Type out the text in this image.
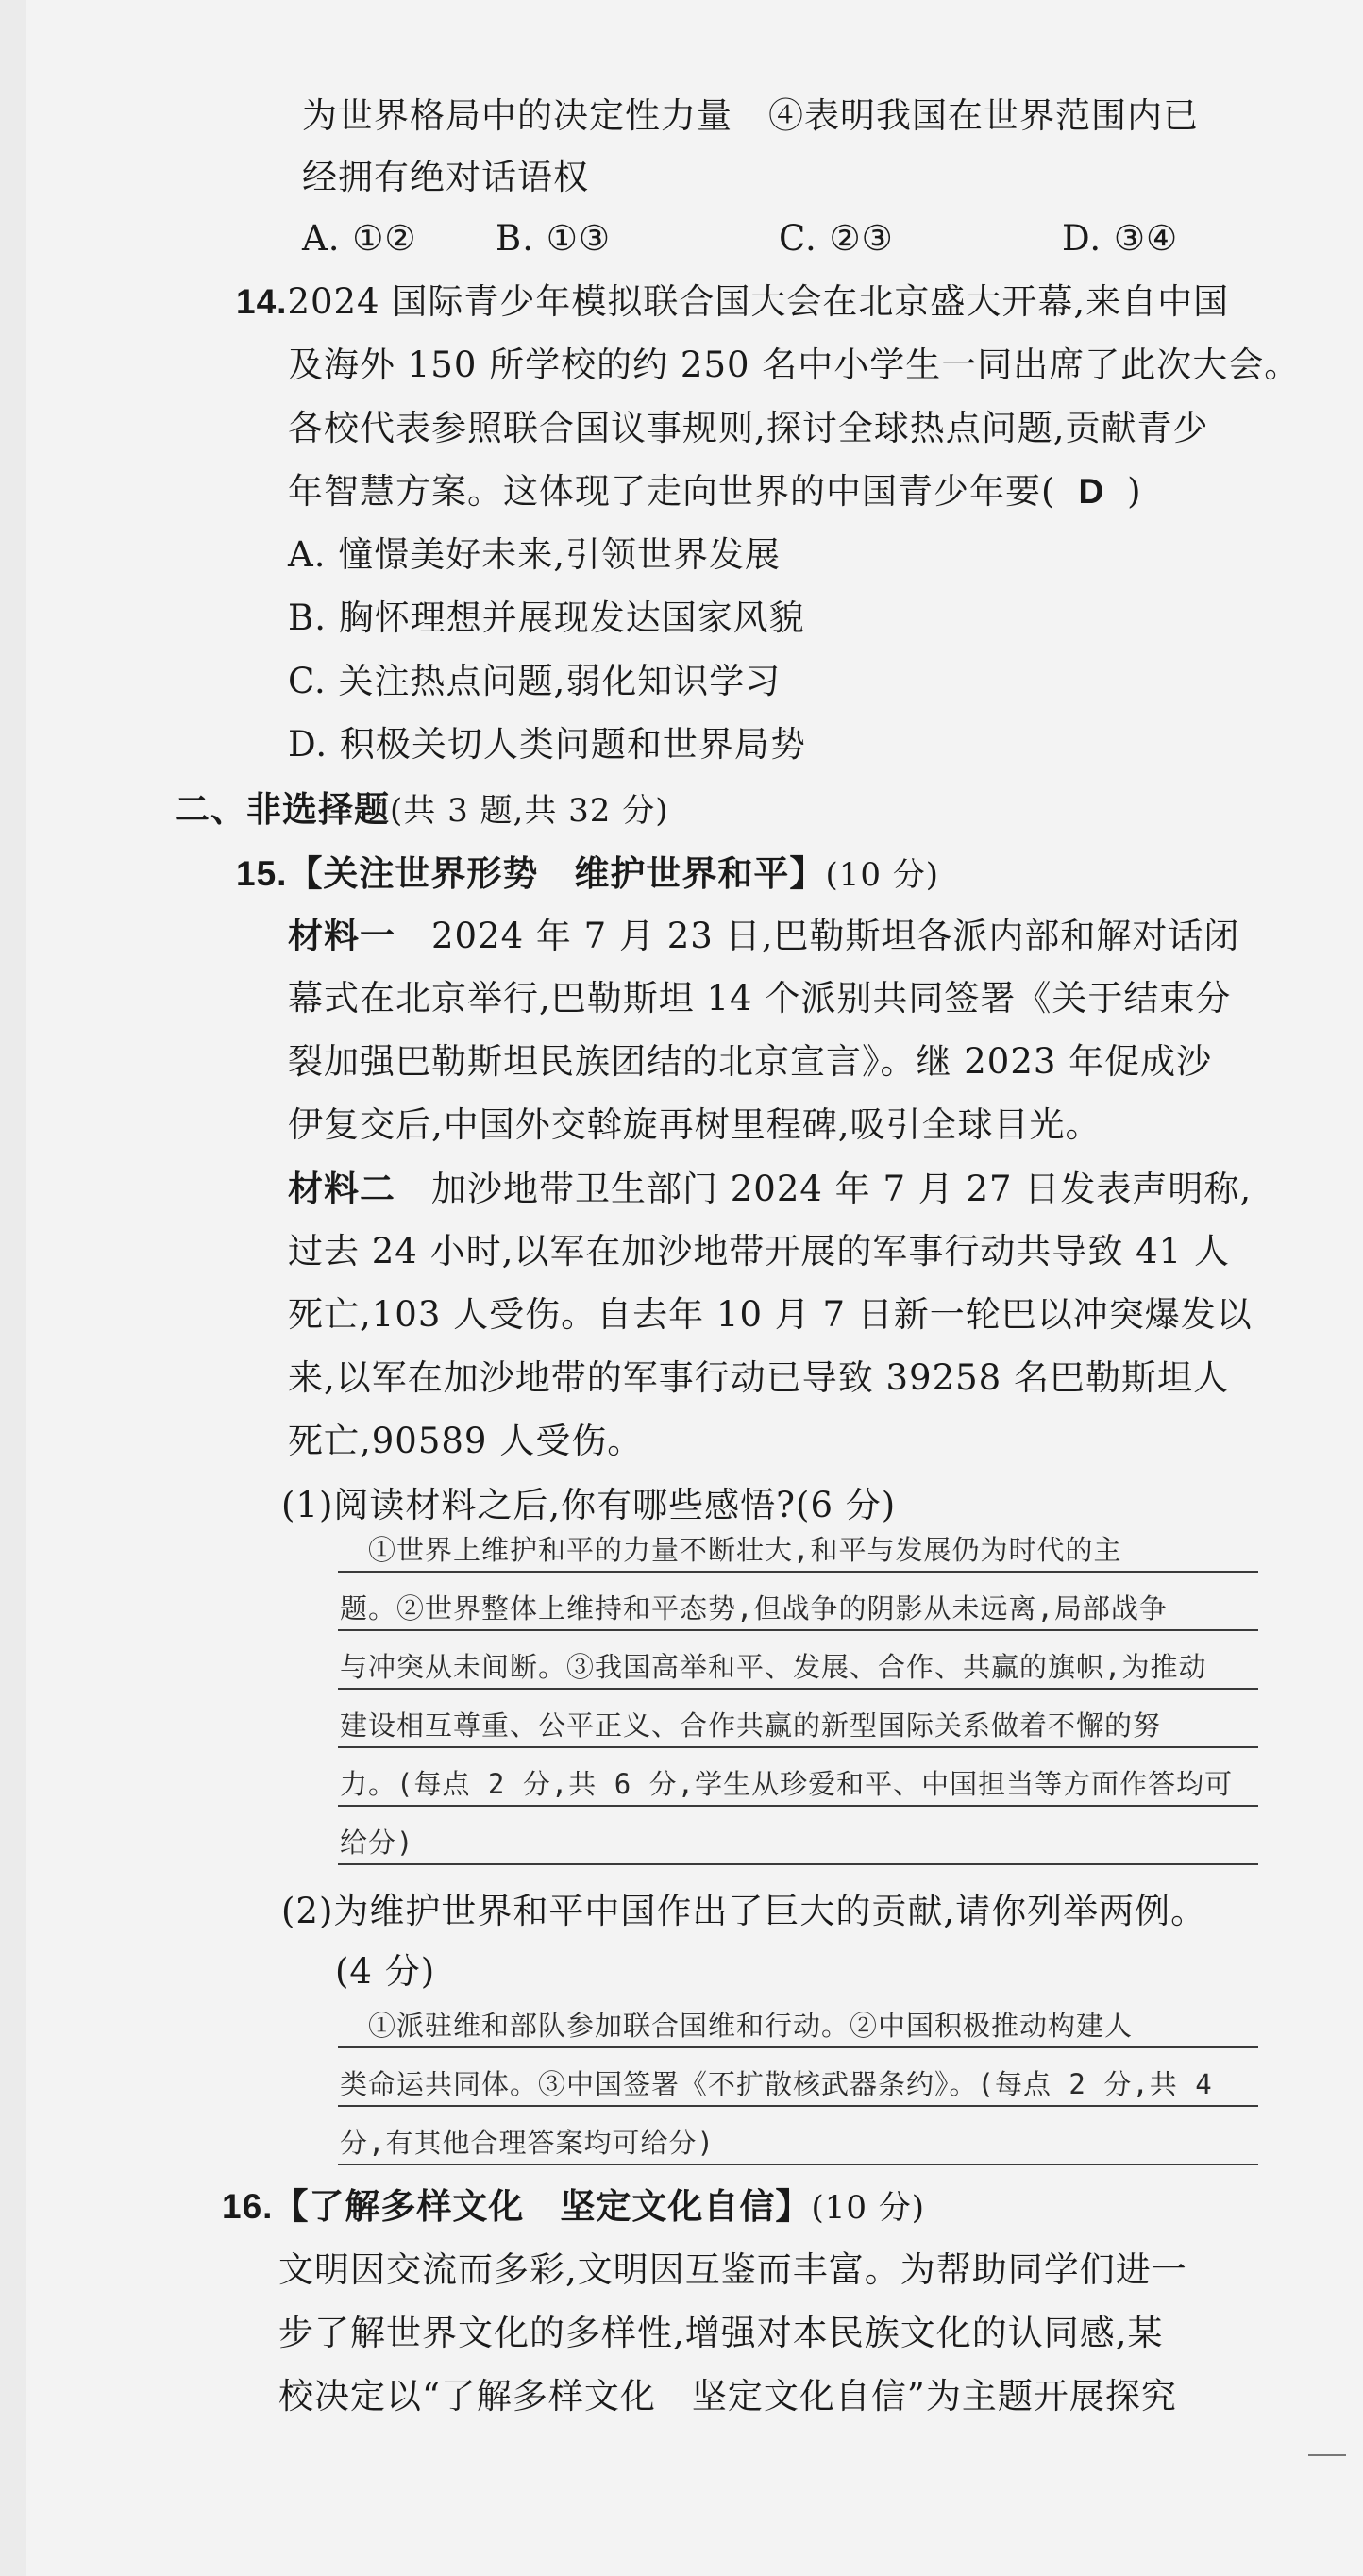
为世界格局中的决定性力量　④表明我国在世界范围内已
经拥有绝对话语权
A. ①② B. ①③	C. ②③	D. ③④
14.2024 国际青少年模拟联合国大会在北京盛大开幕,来自中国
及海外 150 所学校的约 250 名中小学生一同出席了此次大会。
各校代表参照联合国议事规则,探讨全球热点问题,贡献青少
年智慧方案。这体现了走向世界的中国青少年要( D )
A. 憧憬美好未来,引领世界发展
B. 胸怀理想并展现发达国家风貌
C. 关注热点问题,弱化知识学习
D. 积极关切人类问题和世界局势
二、非选择题(共 3 题,共 32 分)
15.【关注世界形势　维护世界和平】(10 分)
材料一　2024 年 7 月 23 日,巴勒斯坦各派内部和解对话闭
幕式在北京举行,巴勒斯坦 14 个派别共同签署《关于结束分
裂加强巴勒斯坦民族团结的北京宣言》。继 2023 年促成沙
伊复交后,中国外交斡旋再树里程碑,吸引全球目光。
材料二　加沙地带卫生部门 2024 年 7 月 27 日发表声明称,
过去 24 小时,以军在加沙地带开展的军事行动共导致 41 人
死亡,103 人受伤。自去年 10 月 7 日新一轮巴以冲突爆发以
来,以军在加沙地带的军事行动已导致 39258 名巴勒斯坦人
死亡,90589 人受伤。
(1)阅读材料之后,你有哪些感悟?(6 分)
　①世界上维护和平的力量不断壮大,和平与发展仍为时代的主
题。②世界整体上维持和平态势,但战争的阴影从未远离,局部战争
与冲突从未间断。③我国高举和平、发展、合作、共赢的旗帜,为推动
建设相互尊重、公平正义、合作共赢的新型国际关系做着不懈的努
力。(每点 2 分,共 6 分,学生从珍爱和平、中国担当等方面作答均可
给分)
(2)为维护世界和平中国作出了巨大的贡献,请你列举两例。
(4 分)
　①派驻维和部队参加联合国维和行动。②中国积极推动构建人
类命运共同体。③中国签署《不扩散核武器条约》。(每点 2 分,共 4
分,有其他合理答案均可给分)
16.【了解多样文化　坚定文化自信】(10 分)
文明因交流而多彩,文明因互鉴而丰富。为帮助同学们进一
步了解世界文化的多样性,增强对本民族文化的认同感,某
校决定以“了解多样文化　坚定文化自信”为主题开展探究
